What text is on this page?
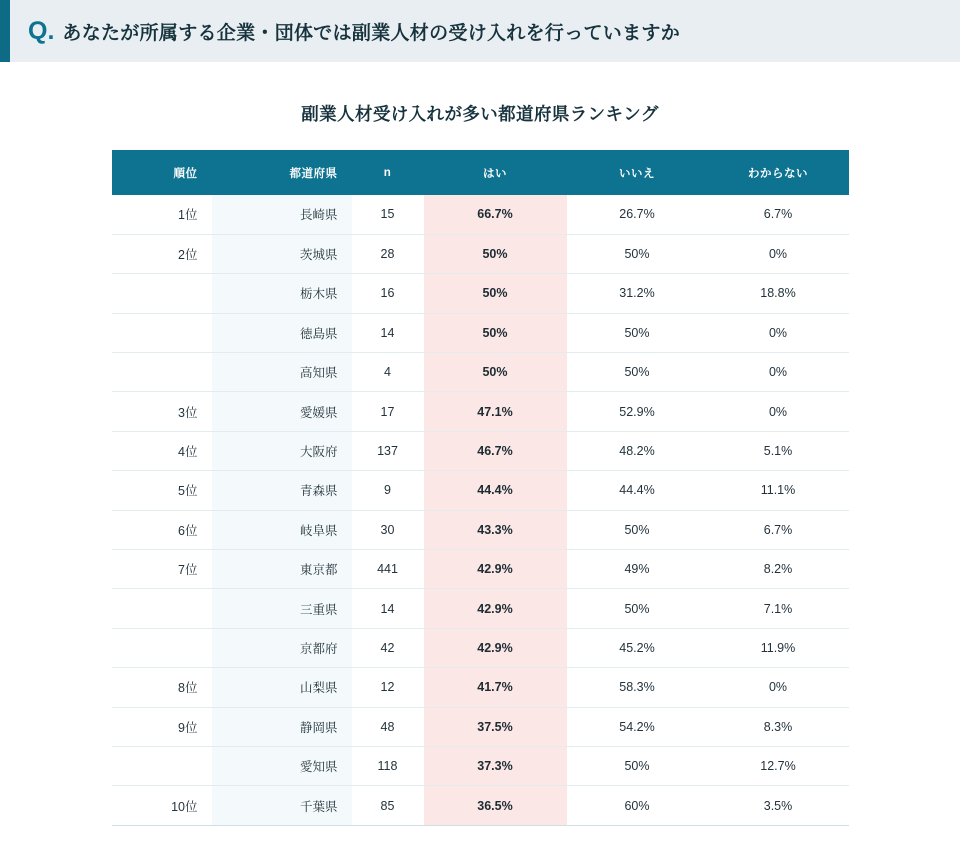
Q. あなたが所属する企業・団体では副業人材の受け入れを行っていますか
副業人材受け入れが多い都道府県ランキング
順位	都道府県	n	はい	いいえ	わからない
1位	長崎県	15	66.7%	26.7%	6.7%
2位	茨城県	28	50%	50%	0%
	栃木県	16	50%	31.2%	18.8%
	徳島県	14	50%	50%	0%
	高知県	4	50%	50%	0%
3位	愛媛県	17	47.1%	52.9%	0%
4位	大阪府	137	46.7%	48.2%	5.1%
5位	青森県	9	44.4%	44.4%	11.1%
6位	岐阜県	30	43.3%	50%	6.7%
7位	東京都	441	42.9%	49%	8.2%
	三重県	14	42.9%	50%	7.1%
	京都府	42	42.9%	45.2%	11.9%
8位	山梨県	12	41.7%	58.3%	0%
9位	静岡県	48	37.5%	54.2%	8.3%
	愛知県	118	37.3%	50%	12.7%
10位	千葉県	85	36.5%	60%	3.5%
